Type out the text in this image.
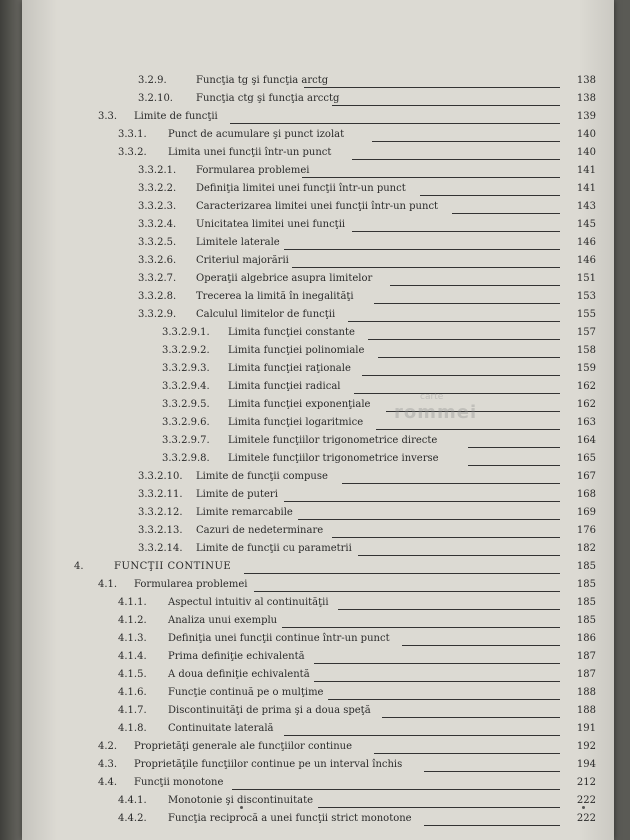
3.2.9.	Funcţia tg şi funcţia arctg	138
3.2.10. Funcţia ctg şi funcţia arcctg	138
3.3. Limite de funcţii	139
3.3.1. Punct de acumulare şi punct izolat	140
3.3.2. Limita unei funcţii într-un punct	140
3.3.2.1. Formularea problemei	141
3.3.2.2. Definiţia limitei unei funcţii într-un punct	141
3.3.2.3. Caracterizarea limitei unei funcţii într-un punct	143
3.3.2.4. Unicitatea limitei unei funcţii	145
3.3.2.5. Limitele laterale	146
3.3.2.6. Criteriul majorării	146
3.3.2.7. Operaţii algebrice asupra limitelor	151
3.3.2.8. Trecerea la limită în inegalităţi	153
3.3.2.9. Calculul limitelor de funcţii	155
3.3.2.9.1. Limita funcţiei constante	157
3.3.2.9.2. Limita funcţiei polinomiale	158
3.3.2.9.3. Limita funcţiei raţionale	159
3.3.2.9.4. Limita funcţiei radical	162
3.3.2.9.5. Limita funcţiei exponenţiale	162
3.3.2.9.6. Limita funcţiei logaritmice	163
3.3.2.9.7. Limitele funcţiilor trigonometrice directe	164
3.3.2.9.8. Limitele funcţiilor trigonometrice inverse	165
3.3.2.10. Limite de funcţii compuse	167
3.3.2.11. Limite de puteri	168
3.3.2.12. Limite remarcabile	169
3.3.2.13. Cazuri de nedeterminare	176
3.3.2.14. Limite de funcţii cu parametrii	182
4.	FUNCŢII CONTINUE	185
4.1. Formularea problemei	185
4.1.1. Aspectul intuitiv al continuităţii	185
4.1.2. Analiza unui exemplu	185
4.1.3. Definiţia unei funcţii continue într-un punct	186
4.1.4. Prima definiţie echivalentă	187
4.1.5. A doua definiţie echivalentă	187
4.1.6. Funcţie continuă pe o mulţime	188
4.1.7. Discontinuităţi de prima şi a doua speţă	188
4.1.8. Continuitate laterală	191
4.2. Proprietăţi generale ale funcţiilor continue	192
4.3. Proprietăţile funcţiilor continue pe un interval închis	194
4.4. Funcţii monotone	212
4.4.1. Monotonie şi discontinuitate	222
4.4.2. Funcţia reciprocă a unei funcţii strict monotone	222
carte
rommei
